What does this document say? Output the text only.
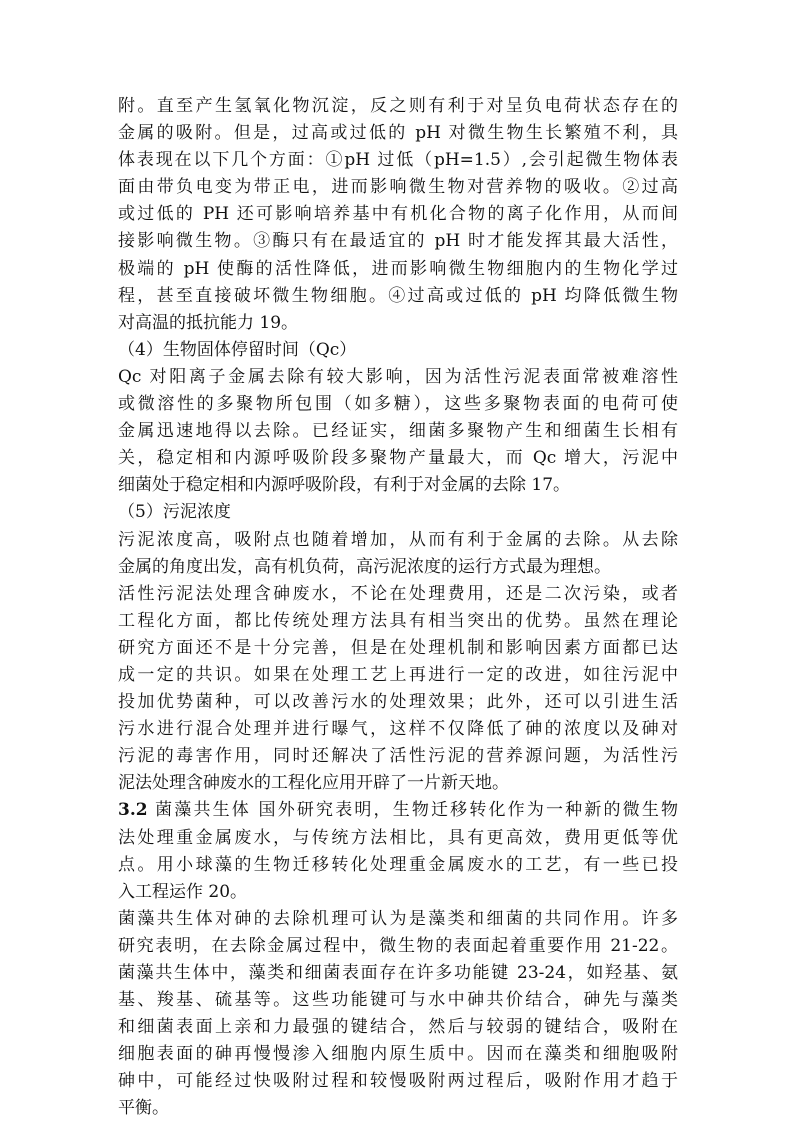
附。直至产生氢氧化物沉淀，反之则有利于对呈负电荷状态存在的
金属的吸附。但是，过高或过低的 pH 对微生物生长繁殖不利，具
体表现在以下几个方面：①pH 过低（pH=1.5）,会引起微生物体表
面由带负电变为带正电，进而影响微生物对营养物的吸收。②过高
或过低的 PH 还可影响培养基中有机化合物的离子化作用，从而间
接影响微生物。③酶只有在最适宜的 pH 时才能发挥其最大活性，
极端的 pH 使酶的活性降低，进而影响微生物细胞内的生物化学过
程，甚至直接破坏微生物细胞。④过高或过低的 pH 均降低微生物
对高温的抵抗能力 19。
（4）生物固体停留时间（Qc）
Qc 对阳离子金属去除有较大影响，因为活性污泥表面常被难溶性
或微溶性的多聚物所包围（如多糖），这些多聚物表面的电荷可使
金属迅速地得以去除。已经证实，细菌多聚物产生和细菌生长相有
关，稳定相和内源呼吸阶段多聚物产量最大，而 Qc 增大，污泥中
细菌处于稳定相和内源呼吸阶段，有利于对金属的去除 17。
（5）污泥浓度
污泥浓度高，吸附点也随着增加，从而有利于金属的去除。从去除
金属的角度出发，高有机负荷，高污泥浓度的运行方式最为理想。
活性污泥法处理含砷废水，不论在处理费用，还是二次污染，或者
工程化方面，都比传统处理方法具有相当突出的优势。虽然在理论
研究方面还不是十分完善，但是在处理机制和影响因素方面都已达
成一定的共识。如果在处理工艺上再进行一定的改进，如往污泥中
投加优势菌种，可以改善污水的处理效果；此外，还可以引进生活
污水进行混合处理并进行曝气，这样不仅降低了砷的浓度以及砷对
污泥的毒害作用，同时还解决了活性污泥的营养源问题，为活性污
泥法处理含砷废水的工程化应用开辟了一片新天地。
3.2 菌藻共生体 国外研究表明，生物迁移转化作为一种新的微生物
法处理重金属废水，与传统方法相比，具有更高效，费用更低等优
点。用小球藻的生物迁移转化处理重金属废水的工艺，有一些已投
入工程运作 20。
菌藻共生体对砷的去除机理可认为是藻类和细菌的共同作用。许多
研究表明，在去除金属过程中，微生物的表面起着重要作用 21-22。
菌藻共生体中，藻类和细菌表面存在许多功能键 23-24，如羟基、氨
基、羧基、硫基等。这些功能键可与水中砷共价结合，砷先与藻类
和细菌表面上亲和力最强的键结合，然后与较弱的键结合，吸附在
细胞表面的砷再慢慢渗入细胞内原生质中。因而在藻类和细胞吸附
砷中，可能经过快吸附过程和较慢吸附两过程后，吸附作用才趋于
平衡。
